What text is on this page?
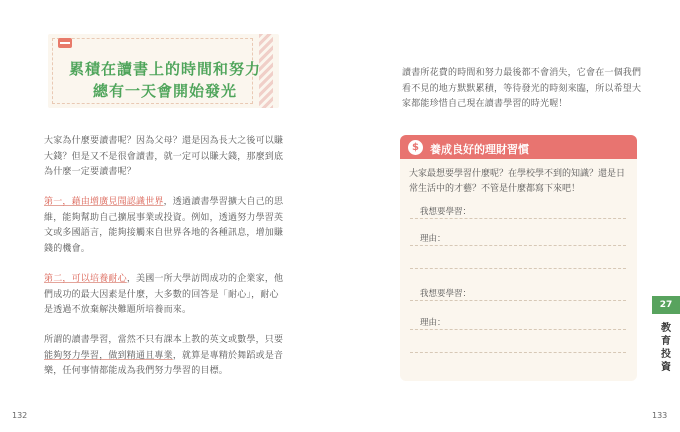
累積在讀書上的時間和努力
總有一天會開始發光
大家為什麼要讀書呢？因為父母？還是因為長大之後可以賺
大錢？但是又不是很會讀書，就一定可以賺大錢，那麼到底
為什麼一定要讀書呢？
第一，藉由增廣見聞認識世界，透過讀書學習擴大自己的思
維，能夠幫助自己擴展事業或投資。例如，透過努力學習英
文或多國語言，能夠接觸來自世界各地的各種訊息，增加賺
錢的機會。
第二，可以培養耐心，美國一所大學訪問成功的企業家，他
們成功的最大因素是什麼，大多數的回答是「耐心」，耐心
是透過不放棄解決難題所培養而來。
所謂的讀書學習，當然不只有課本上教的英文或數學，只要
能夠努力學習，做到精通且專業，就算是專精於舞蹈或是音
樂，任何事情都能成為我們努力學習的目標。
132
讀書所花費的時間和努力最後都不會消失，它會在一個我們
看不見的地方默默累積，等待發光的時刻來臨，所以希望大
家都能珍惜自己現在讀書學習的時光喔！
$	養成良好的理財習慣
大家最想要學習什麼呢？在學校學不到的知識？還是日常生活中的才藝？不管是什麼都寫下來吧！
我想要學習：
理由：
我想要學習：
理由：
27
教育投資
133
